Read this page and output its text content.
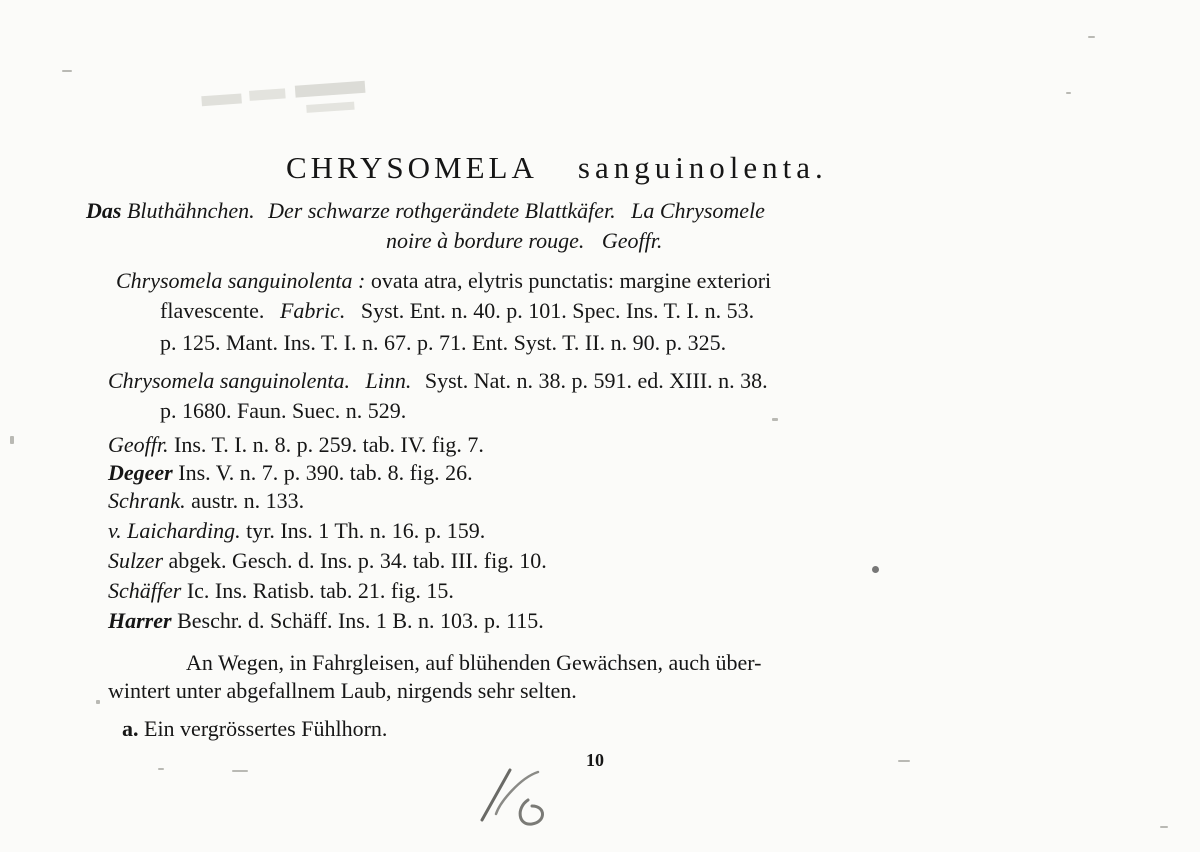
CHRYSOMELA sanguinolenta.
Das Bluthähnchen. Der schwarze rothgerändete Blattkäfer. La Chrysomele
noire à bordure rouge. Geoffr.
Chrysomela sanguinolenta : ovata atra, elytris punctatis: margine exteriori
flavescente. Fabric. Syst. Ent. n. 40. p. 101. Spec. Ins. T. I. n. 53.
p. 125. Mant. Ins. T. I. n. 67. p. 71. Ent. Syst. T. II. n. 90. p. 325.
Chrysomela sanguinolenta. Linn. Syst. Nat. n. 38. p. 591. ed. XIII. n. 38.
p. 1680. Faun. Suec. n. 529.
Geoffr. Ins. T. I. n. 8. p. 259. tab. IV. fig. 7.
Degeer Ins. V. n. 7. p. 390. tab. 8. fig. 26.
Schrank. austr. n. 133.
v. Laicharding. tyr. Ins. 1 Th. n. 16. p. 159.
Sulzer abgek. Gesch. d. Ins. p. 34. tab. III. fig. 10.
Schäffer Ic. Ins. Ratisb. tab. 21. fig. 15.
Harrer Beschr. d. Schäff. Ins. 1 B. n. 103. p. 115.
An Wegen, in Fahrgleisen, auf blühenden Gewächsen, auch über-
wintert unter abgefallnem Laub, nirgends sehr selten.
a. Ein vergrössertes Fühlhorn.
10
